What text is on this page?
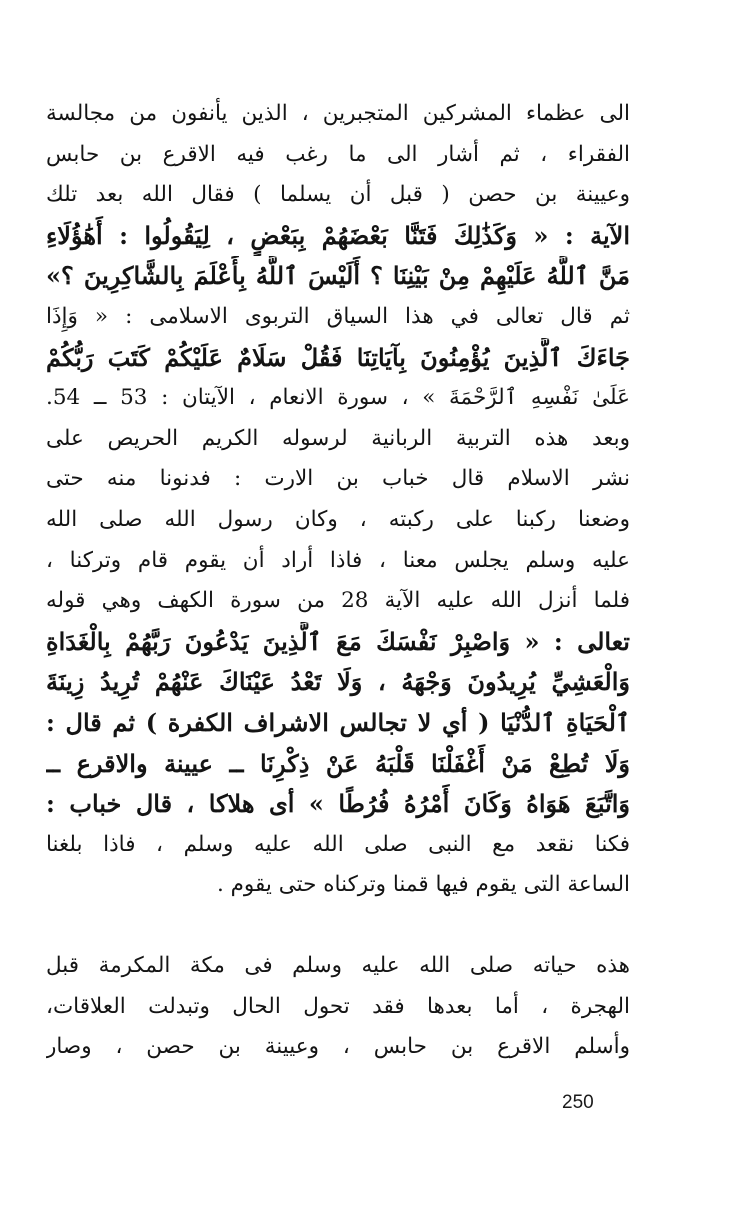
الى عظماء المشركين المتجبرين ، الذين يأنفون من مجالسة
الفقراء ، ثم أشار الى ما رغب فيه الاقرع بن حابس
وعيينة بن حصن ( قبل أن يسلما ) فقال الله بعد تلك
الآية : « وَكَذَٰلِكَ فَتَنَّا بَعْضَهُمْ بِبَعْضٍ ، لِيَقُولُوا : أَهَٰؤُلَاءِ
مَنَّ ٱللَّهُ عَلَيْهِمْ مِنْ بَيْنِنَا ؟ أَلَيْسَ ٱللَّهُ بِأَعْلَمَ بِالشَّاكِرِينَ ؟»
ثم قال تعالى في هذا السياق التربوى الاسلامى : « وَإِذَا
جَاءَكَ ٱلَّذِينَ يُؤْمِنُونَ بِآيَاتِنَا فَقُلْ سَلَامٌ عَلَيْكُمْ كَتَبَ رَبُّكُمْ
عَلَىٰ نَفْسِهِ ٱلرَّحْمَةَ » ، سورة الانعام ، الآيتان : 53 ــ 54.
وبعد هذه التربية الربانية لرسوله الكريم الحريص على
نشر الاسلام قال خباب بن الارت : فدنونا منه حتى
وضعنا ركبنا على ركبته ، وكان رسول الله صلى الله
عليه وسلم يجلس معنا ، فاذا أراد أن يقوم قام وتركنا ،
فلما أنزل الله عليه الآية 28 من سورة الكهف وهي قوله
تعالى : « وَاصْبِرْ نَفْسَكَ مَعَ ٱلَّذِينَ يَدْعُونَ رَبَّهُمْ بِالْغَدَاةِ
وَالْعَشِيِّ يُرِيدُونَ وَجْهَهُ ، وَلَا تَعْدُ عَيْنَاكَ عَنْهُمْ تُرِيدُ زِينَةَ
ٱلْحَيَاةِ ٱلدُّنْيَا ( أي لا تجالس الاشراف الكفرة ) ثم قال :
وَلَا تُطِعْ مَنْ أَغْفَلْنَا قَلْبَهُ عَنْ ذِكْرِنَا ــ عيينة والاقرع ــ
وَاتَّبَعَ هَوَاهُ وَكَانَ أَمْرُهُ فُرُطًا » أى هلاكا ، قال خباب :
فكنا نقعد مع النبى صلى الله عليه وسلم ، فاذا بلغنا
الساعة التى يقوم فيها قمنا وتركناه حتى يقوم .
هذه حياته صلى الله عليه وسلم فى مكة المكرمة قبل
الهجرة ، أما بعدها فقد تحول الحال وتبدلت العلاقات،
وأسلم الاقرع بن حابس ، وعيينة بن حصن ، وصار
250
